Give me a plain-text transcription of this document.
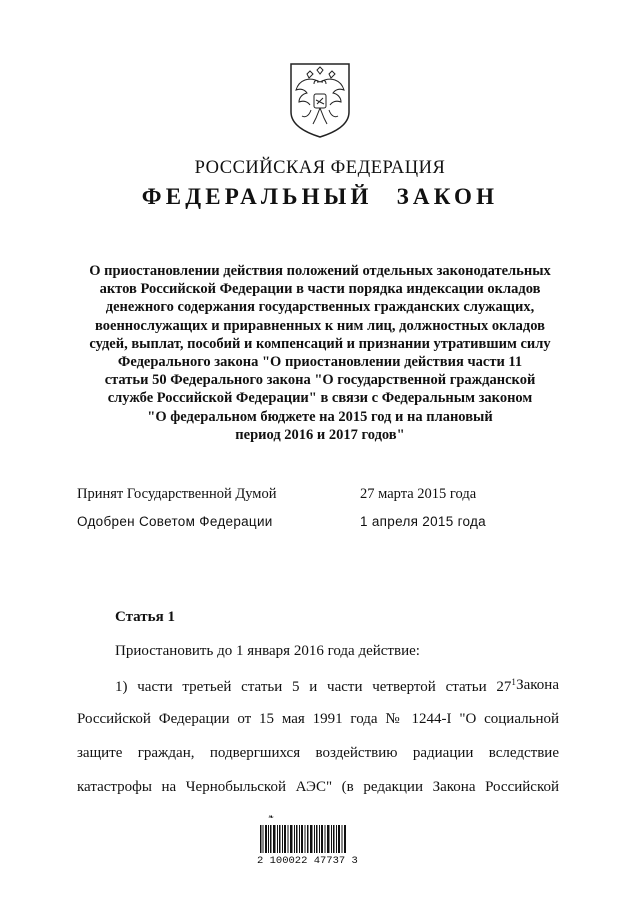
РОССИЙСКАЯ ФЕДЕРАЦИЯ
ФЕДЕРАЛЬНЫЙ ЗАКОН
О приостановлении действия положений отдельных законодательных
актов Российской Федерации в части порядка индексации окладов
денежного содержания государственных гражданских служащих,
военнослужащих и приравненных к ним лиц, должностных окладов
судей, выплат, пособий и компенсаций и признании утратившим силу
Федерального закона "О приостановлении действия части 11
статьи 50 Федерального закона "О государственной гражданской
службе Российской Федерации" в связи с Федеральным законом
"О федеральном бюджете на 2015 год и на плановый
период 2016 и 2017 годов"
Принят Государственной Думой	27 марта 2015 года
Одобрен Советом Федерации	1 апреля 2015 года
Статья 1
Приостановить до 1 января 2016 года действие:
1) части третьей статьи 5 и части четвертой статьи $27^1$ Закона
Российской Федерации от 15 мая 1991 года № 1244-I "О социальной
защите граждан, подвергшихся воздействию радиации вследствие
катастрофы на Чернобыльской АЭС" (в редакции Закона Российской
❧
2 100022 47737 3
